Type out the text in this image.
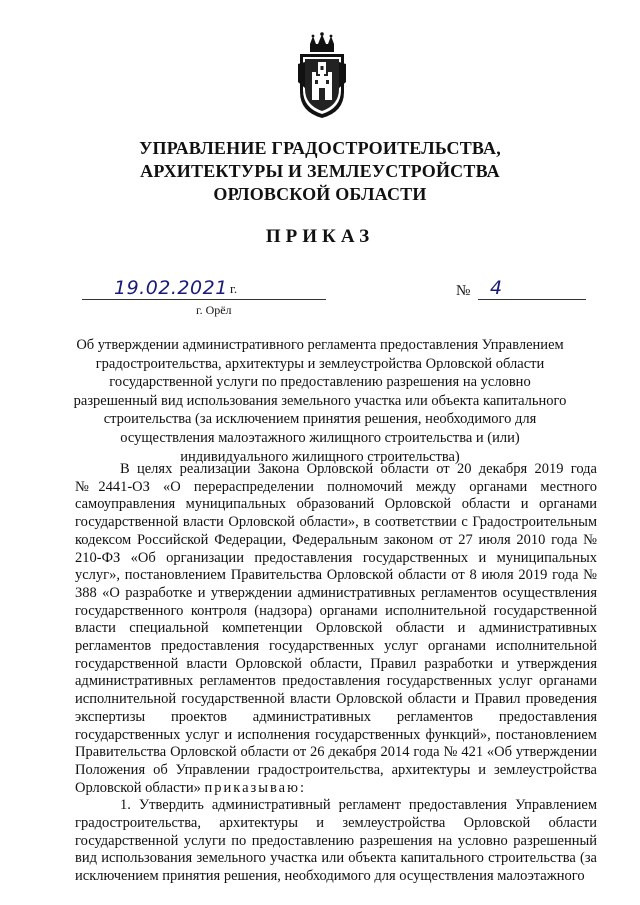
УПРАВЛЕНИЕ ГРАДОСТРОИТЕЛЬСТВА,
АРХИТЕКТУРЫ И ЗЕМЛЕУСТРОЙСТВА
ОРЛОВСКОЙ ОБЛАСТИ
ПРИКАЗ
19.02.2021 г.
г. Орёл
№ 4
Об утверждении административного регламента предоставления Управлением градостроительства, архитектуры и землеустройства Орловской области государственной услуги по предоставлению разрешения на условно разрешенный вид использования земельного участка или объекта капитального строительства (за исключением принятия решения, необходимого для осуществления малоэтажного жилищного строительства и (или) индивидуального жилищного строительства)

В целях реализации Закона Орловской области от 20 декабря 2019 года №2441-ОЗ «О перераспределении полномочий между органами местного самоуправления муниципальных образований Орловской области и органами государственной власти Орловской области», в соответствии с Градостроительным кодексом Российской Федерации, Федеральным законом от 27 июля 2010 года № 210-ФЗ «Об организации предоставления государственных и муниципальных услуг», постановлением Правительства Орловской области от 8 июля 2019 года № 388 «О разработке и утверждении административных регламентов осуществления государственного контроля (надзора) органами исполнительной государственной власти специальной компетенции Орловской области и административных регламентов предоставления государственных услуг органами исполнительной государственной власти Орловской области, Правил разработки и утверждения административных регламентов предоставления государственных услуг органами исполнительной государственной власти Орловской области и Правил проведения экспертизы проектов административных регламентов предоставления государственных услуг и исполнения государственных функций», постановлением Правительства Орловской области от 26 декабря 2014 года № 421 «Об утверждении Положения об Управлении градостроительства, архитектуры и землеустройства Орловской области» приказываю:

1. Утвердить административный регламент предоставления Управлением градостроительства, архитектуры и землеустройства Орловской области государственной услуги по предоставлению разрешения на условно разрешенный вид использования земельного участка или объекта капитального строительства (за исключением принятия решения, необходимого для осуществления малоэтажного
